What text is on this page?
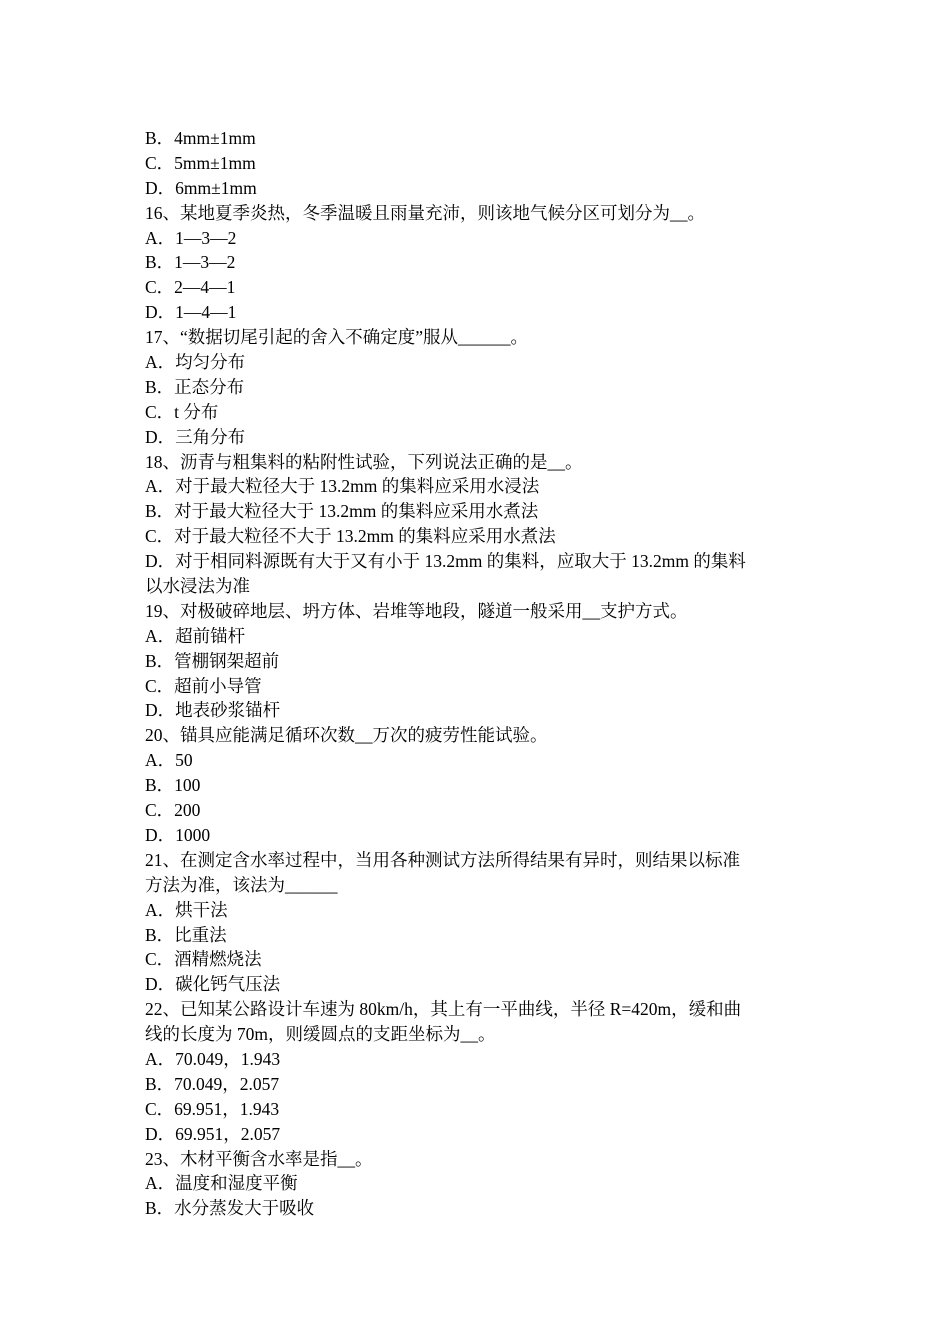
B．4mm±1mm
C．5mm±1mm
D．6mm±1mm
16、某地夏季炎热，冬季温暖且雨量充沛，则该地气候分区可划分为__。
A．1—3—2
B．1—3—2
C．2—4—1
D．1—4—1
17、“数据切尾引起的舍入不确定度”服从______。
A．均匀分布
B．正态分布
C．t 分布
D．三角分布
18、沥青与粗集料的粘附性试验，下列说法正确的是__。
A．对于最大粒径大于 13.2mm 的集料应采用水浸法
B．对于最大粒径大于 13.2mm 的集料应采用水煮法
C．对于最大粒径不大于 13.2mm 的集料应采用水煮法
D．对于相同料源既有大于又有小于 13.2mm 的集料，应取大于 13.2mm 的集料
以水浸法为准
19、对极破碎地层、坍方体、岩堆等地段，隧道一般采用__支护方式。
A．超前锚杆
B．管棚钢架超前
C．超前小导管
D．地表砂浆锚杆
20、锚具应能满足循环次数__万次的疲劳性能试验。
A．50
B．100
C．200
D．1000
21、在测定含水率过程中，当用各种测试方法所得结果有异时，则结果以标准
方法为准，该法为______
A．烘干法
B．比重法
C．酒精燃烧法
D．碳化钙气压法
22、已知某公路设计车速为 80km/h，其上有一平曲线，半径 R=420m，缓和曲
线的长度为 70m，则缓圆点的支距坐标为__。
A．70.049，1.943
B．70.049，2.057
C．69.951，1.943
D．69.951，2.057
23、木材平衡含水率是指__。
A．温度和湿度平衡
B．水分蒸发大于吸收
